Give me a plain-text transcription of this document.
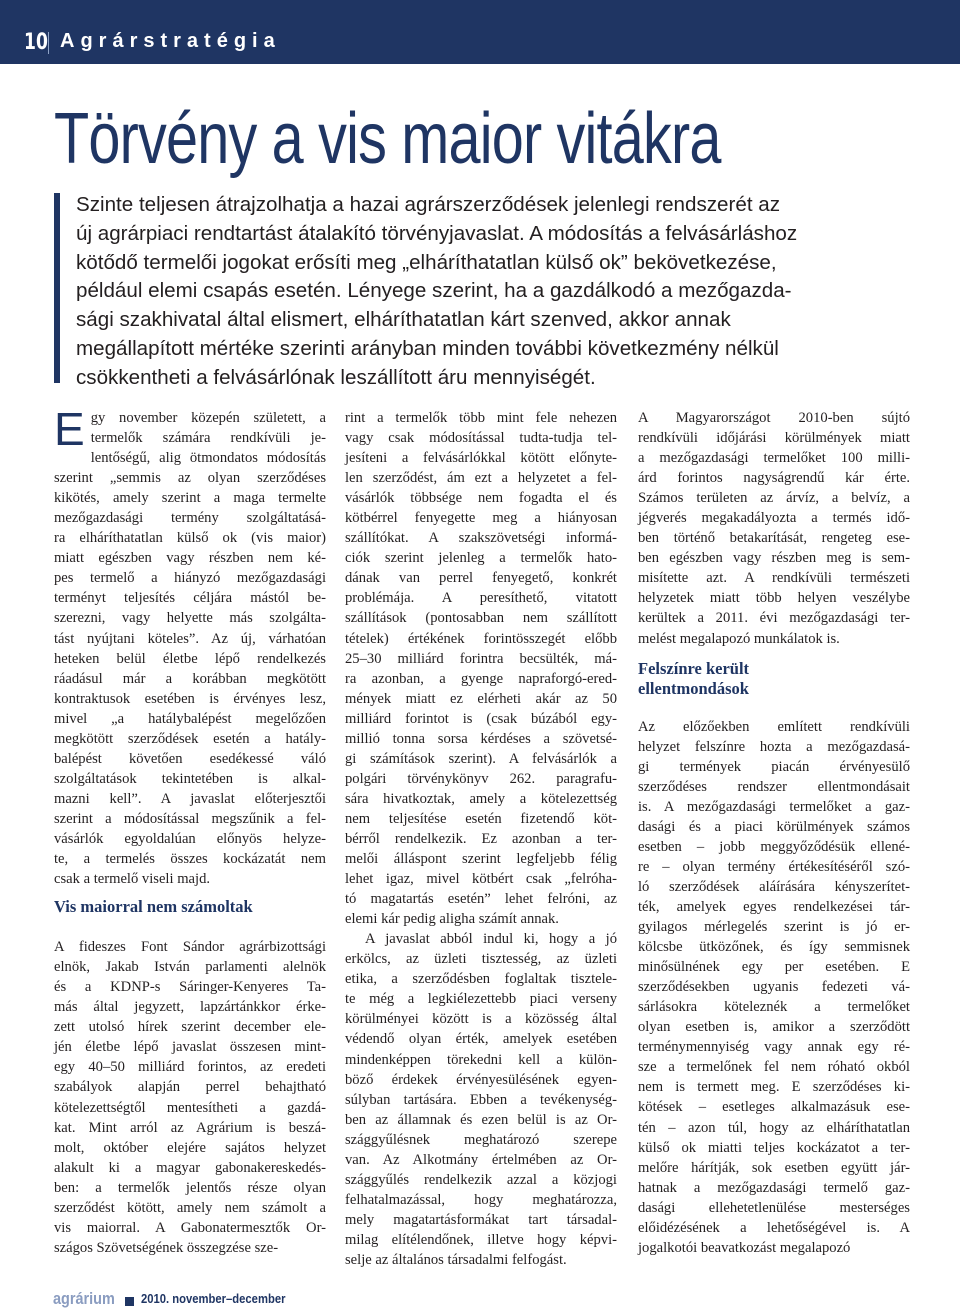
10 Agrárstratégia
Törvény a vis maior vitákra
Szinte teljesen átrajzolhatja a hazai agrárszerződések jelenlegi rendszerét az
új agrárpiaci rendtartást átalakító törvényjavaslat. A módosítás a felvásárláshoz
kötődő termelői jogokat erősíti meg „elháríthatatlan külső ok” bekövetkezése,
például elemi csapás esetén. Lényege szerint, ha a gazdálkodó a mezőgazda-
sági szakhivatal által elismert, elháríthatatlan kárt szenved, akkor annak
megállapított mértéke szerinti arányban minden további következmény nélkül
csökkentheti a felvásárlónak leszállított áru mennyiségét.
E gy november közepén született, a
termelők számára rendkívüli je-
lentőségű, alig ötmondatos módosítás
szerint „semmis az olyan szerződéses
kikötés, amely szerint a maga termelte
mezőgazdasági termény szolgáltatásá-
ra elháríthatatlan külső ok (vis maior)
miatt egészben vagy részben nem ké-
pes termelő a hiányzó mezőgazdasági
terményt teljesítés céljára mástól be-
szerezni, vagy helyette más szolgálta-
tást nyújtani köteles”. Az új, várhatóan
heteken belül életbe lépő rendelkezés
ráadásul már a korábban megkötött
kontraktusok esetében is érvényes lesz,
mivel „a hatálybalépést megelőzően
megkötött szerződések esetén a hatály-
balépést követően esedékessé váló
szolgáltatások tekintetében is alkal-
mazni kell”. A javaslat előterjesztői
szerint a módosítással megszűnik a fel-
vásárlók egyoldalúan előnyös helyze-
te, a termelés összes kockázatát nem
csak a termelő viseli majd.
Vis maiorral nem számoltak
A fideszes Font Sándor agrárbizottsági
elnök, Jakab István parlamenti alelnök
és a KDNP-s Sáringer-Kenyeres Ta-
más által jegyzett, lapzártánkkor érke-
zett utolsó hírek szerint december ele-
jén életbe lépő javaslat összesen mint-
egy 40–50 milliárd forintos, az eredeti
szabályok alapján perrel behajtható
kötelezettségtől mentesítheti a gazdá-
kat. Mint arról az Agrárium is beszá-
molt, október elejére sajátos helyzet
alakult ki a magyar gabonakereskedés-
ben: a termelők jelentős része olyan
szerződést kötött, amely nem számolt a
vis maiorral. A Gabonatermesztők Or-
szágos Szövetségének összegzése sze-
rint a termelők több mint fele nehezen
vagy csak módosítással tudta-tudja tel-
jesíteni a felvásárlókkal kötött előnyte-
len szerződést, ám ezt a helyzetet a fel-
vásárlók többsége nem fogadta el és
kötbérrel fenyegette meg a hiányosan
szállítókat. A szakszövetségi informá-
ciók szerint jelenleg a termelők hato-
dának van perrel fenyegető, konkrét
problémája. A peresíthető, vitatott
szállítások (pontosabban nem szállított
tételek) értékének forintösszegét előbb
25–30 milliárd forintra becsülték, má-
ra azonban, a gyenge napraforgó-ered-
mények miatt ez elérheti akár az 50
milliárd forintot is (csak búzából egy-
millió tonna sorsa kérdéses a szövetsé-
gi számítások szerint). A felvásárlók a
polgári törvénykönyv 262. paragrafu-
sára hivatkoztak, amely a kötelezettség
nem teljesítése esetén fizetendő köt-
bérről rendelkezik. Ez azonban a ter-
melői álláspont szerint legfeljebb félig
lehet igaz, mivel kötbért csak „felróha-
tó magatartás esetén” lehet felróni, az
elemi kár pedig aligha számít annak.
A javaslat abból indul ki, hogy a jó
erkölcs, az üzleti tisztesség, az üzleti
etika, a szerződésben foglaltak tisztele-
te még a legkiélezettebb piaci verseny
körülményei között is a közösség által
védendő olyan érték, amelyek esetében
mindenképpen törekedni kell a külön-
böző érdekek érvényesülésének egyen-
súlyban tartására. Ebben a tevékenység-
ben az államnak és ezen belül is az Or-
szággyűlésnek meghatározó szerepe
van. Az Alkotmány értelmében az Or-
szággyűlés rendelkezik azzal a közjogi
felhatalmazással, hogy meghatározza,
mely magatartásformákat tart társadal-
milag elítélendőnek, illetve hogy képvi-
selje az általános társadalmi felfogást.
A Magyarországot 2010-ben sújtó
rendkívüli időjárási körülmények miatt
a mezőgazdasági termelőket 100 milli-
árd forintos nagyságrendű kár érte.
Számos területen az árvíz, a belvíz, a
jégverés megakadályozta a termés idő-
ben történő betakarítását, rengeteg ese-
ben egészben vagy részben meg is sem-
misítette azt. A rendkívüli természeti
helyzetek miatt több helyen veszélybe
kerültek a 2011. évi mezőgazdasági ter-
melést megalapozó munkálatok is.
Felszínre került
ellentmondások
Az előzőekben említett rendkívüli
helyzet felszínre hozta a mezőgazdasá-
gi termények piacán érvényesülő
szerződéses rendszer ellentmondásait
is. A mezőgazdasági termelőket a gaz-
dasági és a piaci körülmények számos
esetben – jobb meggyőződésük ellené-
re – olyan termény értékesítéséről szó-
ló szerződések aláírására kényszerítet-
ték, amelyek egyes rendelkezései tár-
gyilagos mérlegelés szerint is jó er-
kölcsbe ütközőnek, és így semmisnek
minősülnének egy per esetében. E
szerződésekben ugyanis fedezeti vá-
sárlásokra köteleznék a termelőket
olyan esetben is, amikor a szerződött
terménymennyiség vagy annak egy ré-
sze a termelőnek fel nem róható okból
nem is termett meg. E szerződéses ki-
kötések – esetleges alkalmazásuk ese-
tén – azon túl, hogy az elháríthatatlan
külső ok miatti teljes kockázatot a ter-
melőre hárítják, sok esetben együtt jár-
hatnak a mezőgazdasági termelő gaz-
dasági ellehetetlenülése mesterséges
előidézésének a lehetőségével is. A
jogalkotói beavatkozást megalapozó
agrárium 2010. november–december
